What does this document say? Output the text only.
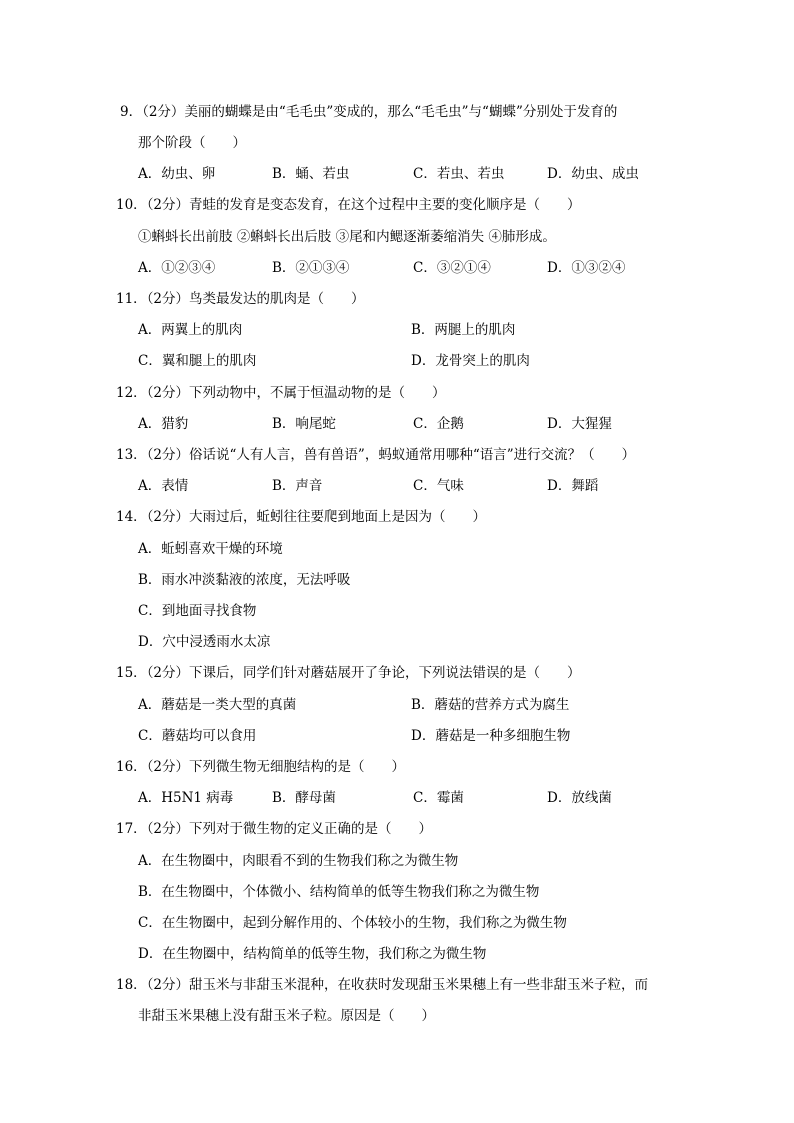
9．（2分）美丽的蝴蝶是由“毛毛虫”变成的，那么“毛毛虫”与“蝴蝶”分别处于发育的
那个阶段（　　）
A．幼虫、卵	B．蛹、若虫	C．若虫、若虫	D．幼虫、成虫
10．（2分）青蛙的发育是变态发育，在这个过程中主要的变化顺序是（　　）
①蝌蚪长出前肢 ②蝌蚪长出后肢 ③尾和内鳃逐渐萎缩消失 ④肺形成。
A．①②③④	B．②①③④	C．③②①④	D．①③②④
11．（2分）鸟类最发达的肌肉是（　　）
A．两翼上的肌肉	B．两腿上的肌肉
C．翼和腿上的肌肉	D．龙骨突上的肌肉
12．（2分）下列动物中，不属于恒温动物的是（　　）
A．猎豹	B．响尾蛇	C．企鹅	D．大猩猩
13．（2分）俗话说“人有人言，兽有兽语”，蚂蚁通常用哪种“语言”进行交流？（　　）
A．表情	B．声音	C．气味	D．舞蹈
14．（2分）大雨过后，蚯蚓往往要爬到地面上是因为（　　）
A．蚯蚓喜欢干燥的环境
B．雨水冲淡黏液的浓度，无法呼吸
C．到地面寻找食物
D．穴中浸透雨水太凉
15．（2分）下课后，同学们针对蘑菇展开了争论，下列说法错误的是（　　）
A．蘑菇是一类大型的真菌	B．蘑菇的营养方式为腐生
C．蘑菇均可以食用	D．蘑菇是一种多细胞生物
16．（2分）下列微生物无细胞结构的是（　　）
A．H5N1 病毒	B．酵母菌	C．霉菌	D．放线菌
17．（2分）下列对于微生物的定义正确的是（　　）
A．在生物圈中，肉眼看不到的生物我们称之为微生物
B．在生物圈中，个体微小、结构简单的低等生物我们称之为微生物
C．在生物圈中，起到分解作用的、个体较小的生物，我们称之为微生物
D．在生物圈中，结构简单的低等生物，我们称之为微生物
18．（2分）甜玉米与非甜玉米混种，在收获时发现甜玉米果穗上有一些非甜玉米子粒，而
非甜玉米果穗上没有甜玉米子粒。原因是（　　）
